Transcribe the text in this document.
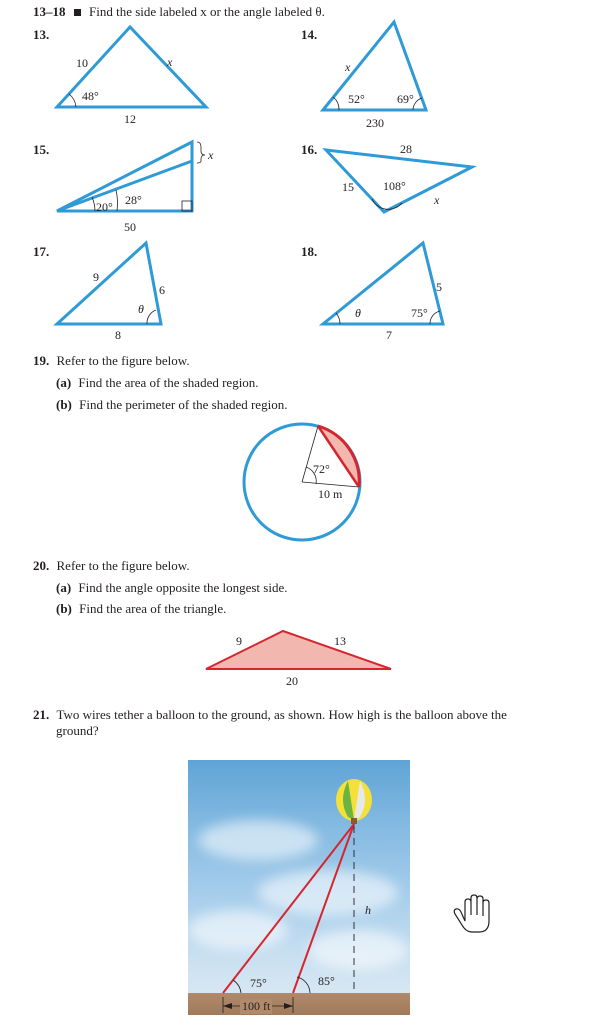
13–18 Find the side labeled x or the angle labeled θ.
13.	14.
15.	16.
17.	18.
10	x
48°
12
x
52°	69°
230
x
20° 28°
50
28
15 108°
x
9
6
θ
8
5
θ	75°
7
19. Refer to the figure below.
(a) Find the area of the shaded region.
(b) Find the perimeter of the shaded region.
72°
10 m
20. Refer to the figure below.
(a) Find the angle opposite the longest side.
(b) Find the area of the triangle.
9	13
20
21. Two wires tether a balloon to the ground, as shown. How high is the balloon above the
ground?
75°	85°
h
100 ft
